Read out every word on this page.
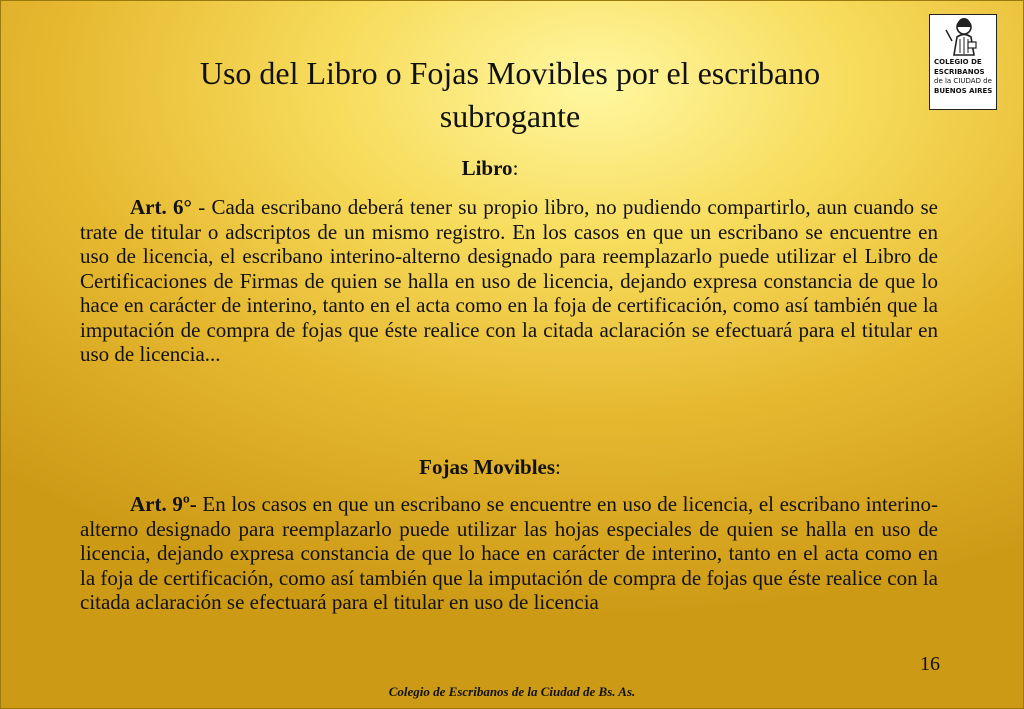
COLEGIO DE
ESCRIBANOS
de la CIUDAD de
BUENOS AIRES
Uso del Libro o Fojas Movibles por el escribano subrogante
Libro:

Art. 6° - Cada escribano deberá tener su propio libro, no pudiendo compartirlo, aun cuando se trate de titular o adscriptos de un mismo registro. En los casos en que un escribano se encuentre en uso de licencia, el escribano interino-alterno designado para reemplazarlo puede utilizar el Libro de Certificaciones de Firmas de quien se halla en uso de licencia, dejando expresa constancia de que lo hace en carácter de interino, tanto en el acta como en la foja de certificación, como así también que la imputación de compra de fojas que éste realice con la citada aclaración se efectuará para el titular en uso de licencia...

Fojas Movibles:

Art. 9º- En los casos en que un escribano se encuentre en uso de licencia, el escribano interino-alterno designado para reemplazarlo puede utilizar las hojas especiales de quien se halla en uso de licencia, dejando expresa constancia de que lo hace en carácter de interino, tanto en el acta como en la foja de certificación, como así también que la imputación de compra de fojas que éste realice con la citada aclaración se efectuará para el titular en uso de licencia

16
Colegio de Escribanos de la Ciudad de Bs. As.
